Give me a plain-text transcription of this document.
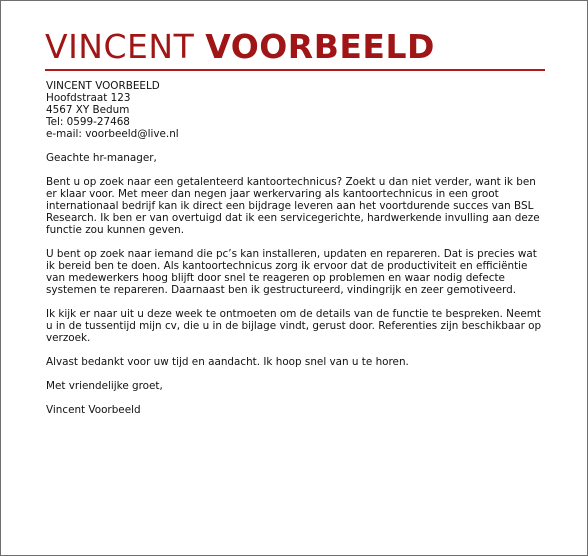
VINCENT VOORBEELD
VINCENT VOORBEELD
Hoofdstraat 123
4567 XY Bedum
Tel: 0599-27468
e-mail: voorbeeld@live.nl

Geachte hr-manager,

Bent u op zoek naar een getalenteerd kantoortechnicus? Zoekt u dan niet verder, want ik ben er klaar voor. Met meer dan negen jaar werkervaring als kantoortechnicus in een groot internationaal bedrijf kan ik direct een bijdrage leveren aan het voortdurende succes van BSL Research. Ik ben er van overtuigd dat ik een servicegerichte, hardwerkende invulling aan deze functie zou kunnen geven.

U bent op zoek naar iemand die pc’s kan installeren, updaten en repareren. Dat is precies wat ik bereid ben te doen. Als kantoortechnicus zorg ik ervoor dat de productiviteit en efficiëntie van medewerkers hoog blijft door snel te reageren op problemen en waar nodig defecte systemen te repareren. Daarnaast ben ik gestructureerd, vindingrijk en zeer gemotiveerd.

Ik kijk er naar uit u deze week te ontmoeten om de details van de functie te bespreken. Neemt u in de tussentijd mijn cv, die u in de bijlage vindt, gerust door. Referenties zijn beschikbaar op verzoek.

Alvast bedankt voor uw tijd en aandacht. Ik hoop snel van u te horen.

Met vriendelijke groet,

Vincent Voorbeeld
